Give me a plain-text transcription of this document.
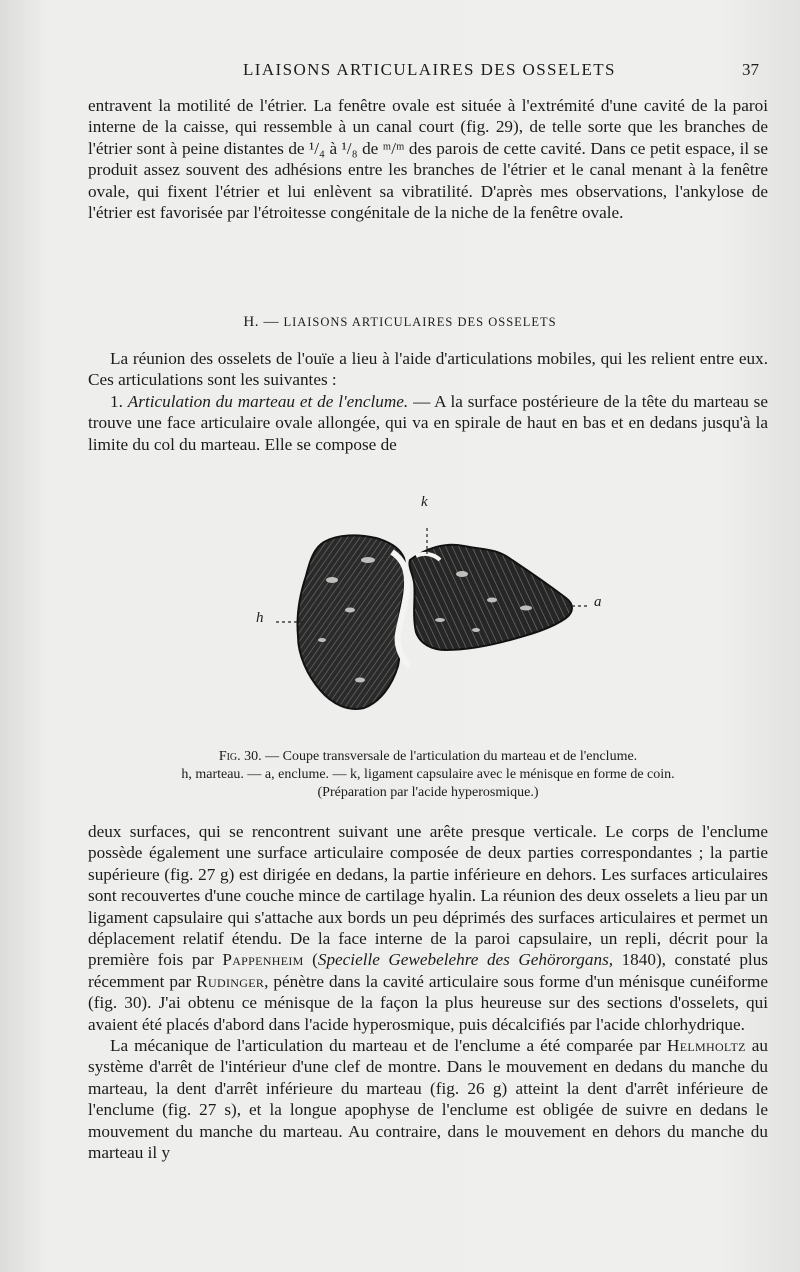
LIAISONS ARTICULAIRES DES OSSELETS	37

entravent la motilité de l'étrier. La fenêtre ovale est située à l'extrémité d'une cavité de la paroi interne de la caisse, qui ressemble à un canal court (fig. 29), de telle sorte que les branches de l'étrier sont à peine distantes de ¹/₄ à ¹/₈ de ᵐ/ᵐ des parois de cette cavité. Dans ce petit espace, il se produit assez souvent des adhésions entre les branches de l'étrier et le canal menant à la fenêtre ovale, qui fixent l'étrier et lui enlèvent sa vibratilité. D'après mes observations, l'ankylose de l'étrier est favorisée par l'étroitesse congénitale de la niche de la fenêtre ovale.

H. — LIAISONS ARTICULAIRES DES OSSELETS

La réunion des osselets de l'ouïe a lieu à l'aide d'articulations mobiles, qui les relient entre eux. Ces articulations sont les suivantes :

1. Articulation du marteau et de l'enclume. — A la surface postérieure de la tête du marteau se trouve une face articulaire ovale allongée, qui va en spirale de haut en bas et en dedans jusqu'à la limite du col du marteau. Elle se compose de

k
h
a
Fig. 30. — Coupe transversale de l'articulation du marteau et de l'enclume.
h, marteau. — a, enclume. — k, ligament capsulaire avec le ménisque en forme de coin.
(Préparation par l'acide hyperosmique.)

deux surfaces, qui se rencontrent suivant une arête presque verticale. Le corps de l'enclume possède également une surface articulaire composée de deux parties correspondantes ; la partie supérieure (fig. 27 g) est dirigée en dedans, la partie inférieure en dehors. Les surfaces articulaires sont recouvertes d'une couche mince de cartilage hyalin. La réunion des deux osselets a lieu par un ligament capsulaire qui s'attache aux bords un peu déprimés des surfaces articulaires et permet un déplacement relatif étendu. De la face interne de la paroi capsulaire, un repli, décrit pour la première fois par Pappenheim (Specielle Gewebelehre des Gehörorgans, 1840), constaté plus récemment par Rudinger, pénètre dans la cavité articulaire sous forme d'un ménisque cunéiforme (fig. 30). J'ai obtenu ce ménisque de la façon la plus heureuse sur des sections d'osselets, qui avaient été placés d'abord dans l'acide hyperosmique, puis décalcifiés par l'acide chlorhydrique.

La mécanique de l'articulation du marteau et de l'enclume a été comparée par Helmholtz au système d'arrêt de l'intérieur d'une clef de montre. Dans le mouvement en dedans du manche du marteau, la dent d'arrêt inférieure du marteau (fig. 26 g) atteint la dent d'arrêt inférieure de l'enclume (fig. 27 s), et la longue apophyse de l'enclume est obligée de suivre en dedans le mouvement du manche du marteau. Au contraire, dans le mouvement en dehors du manche du marteau il y
